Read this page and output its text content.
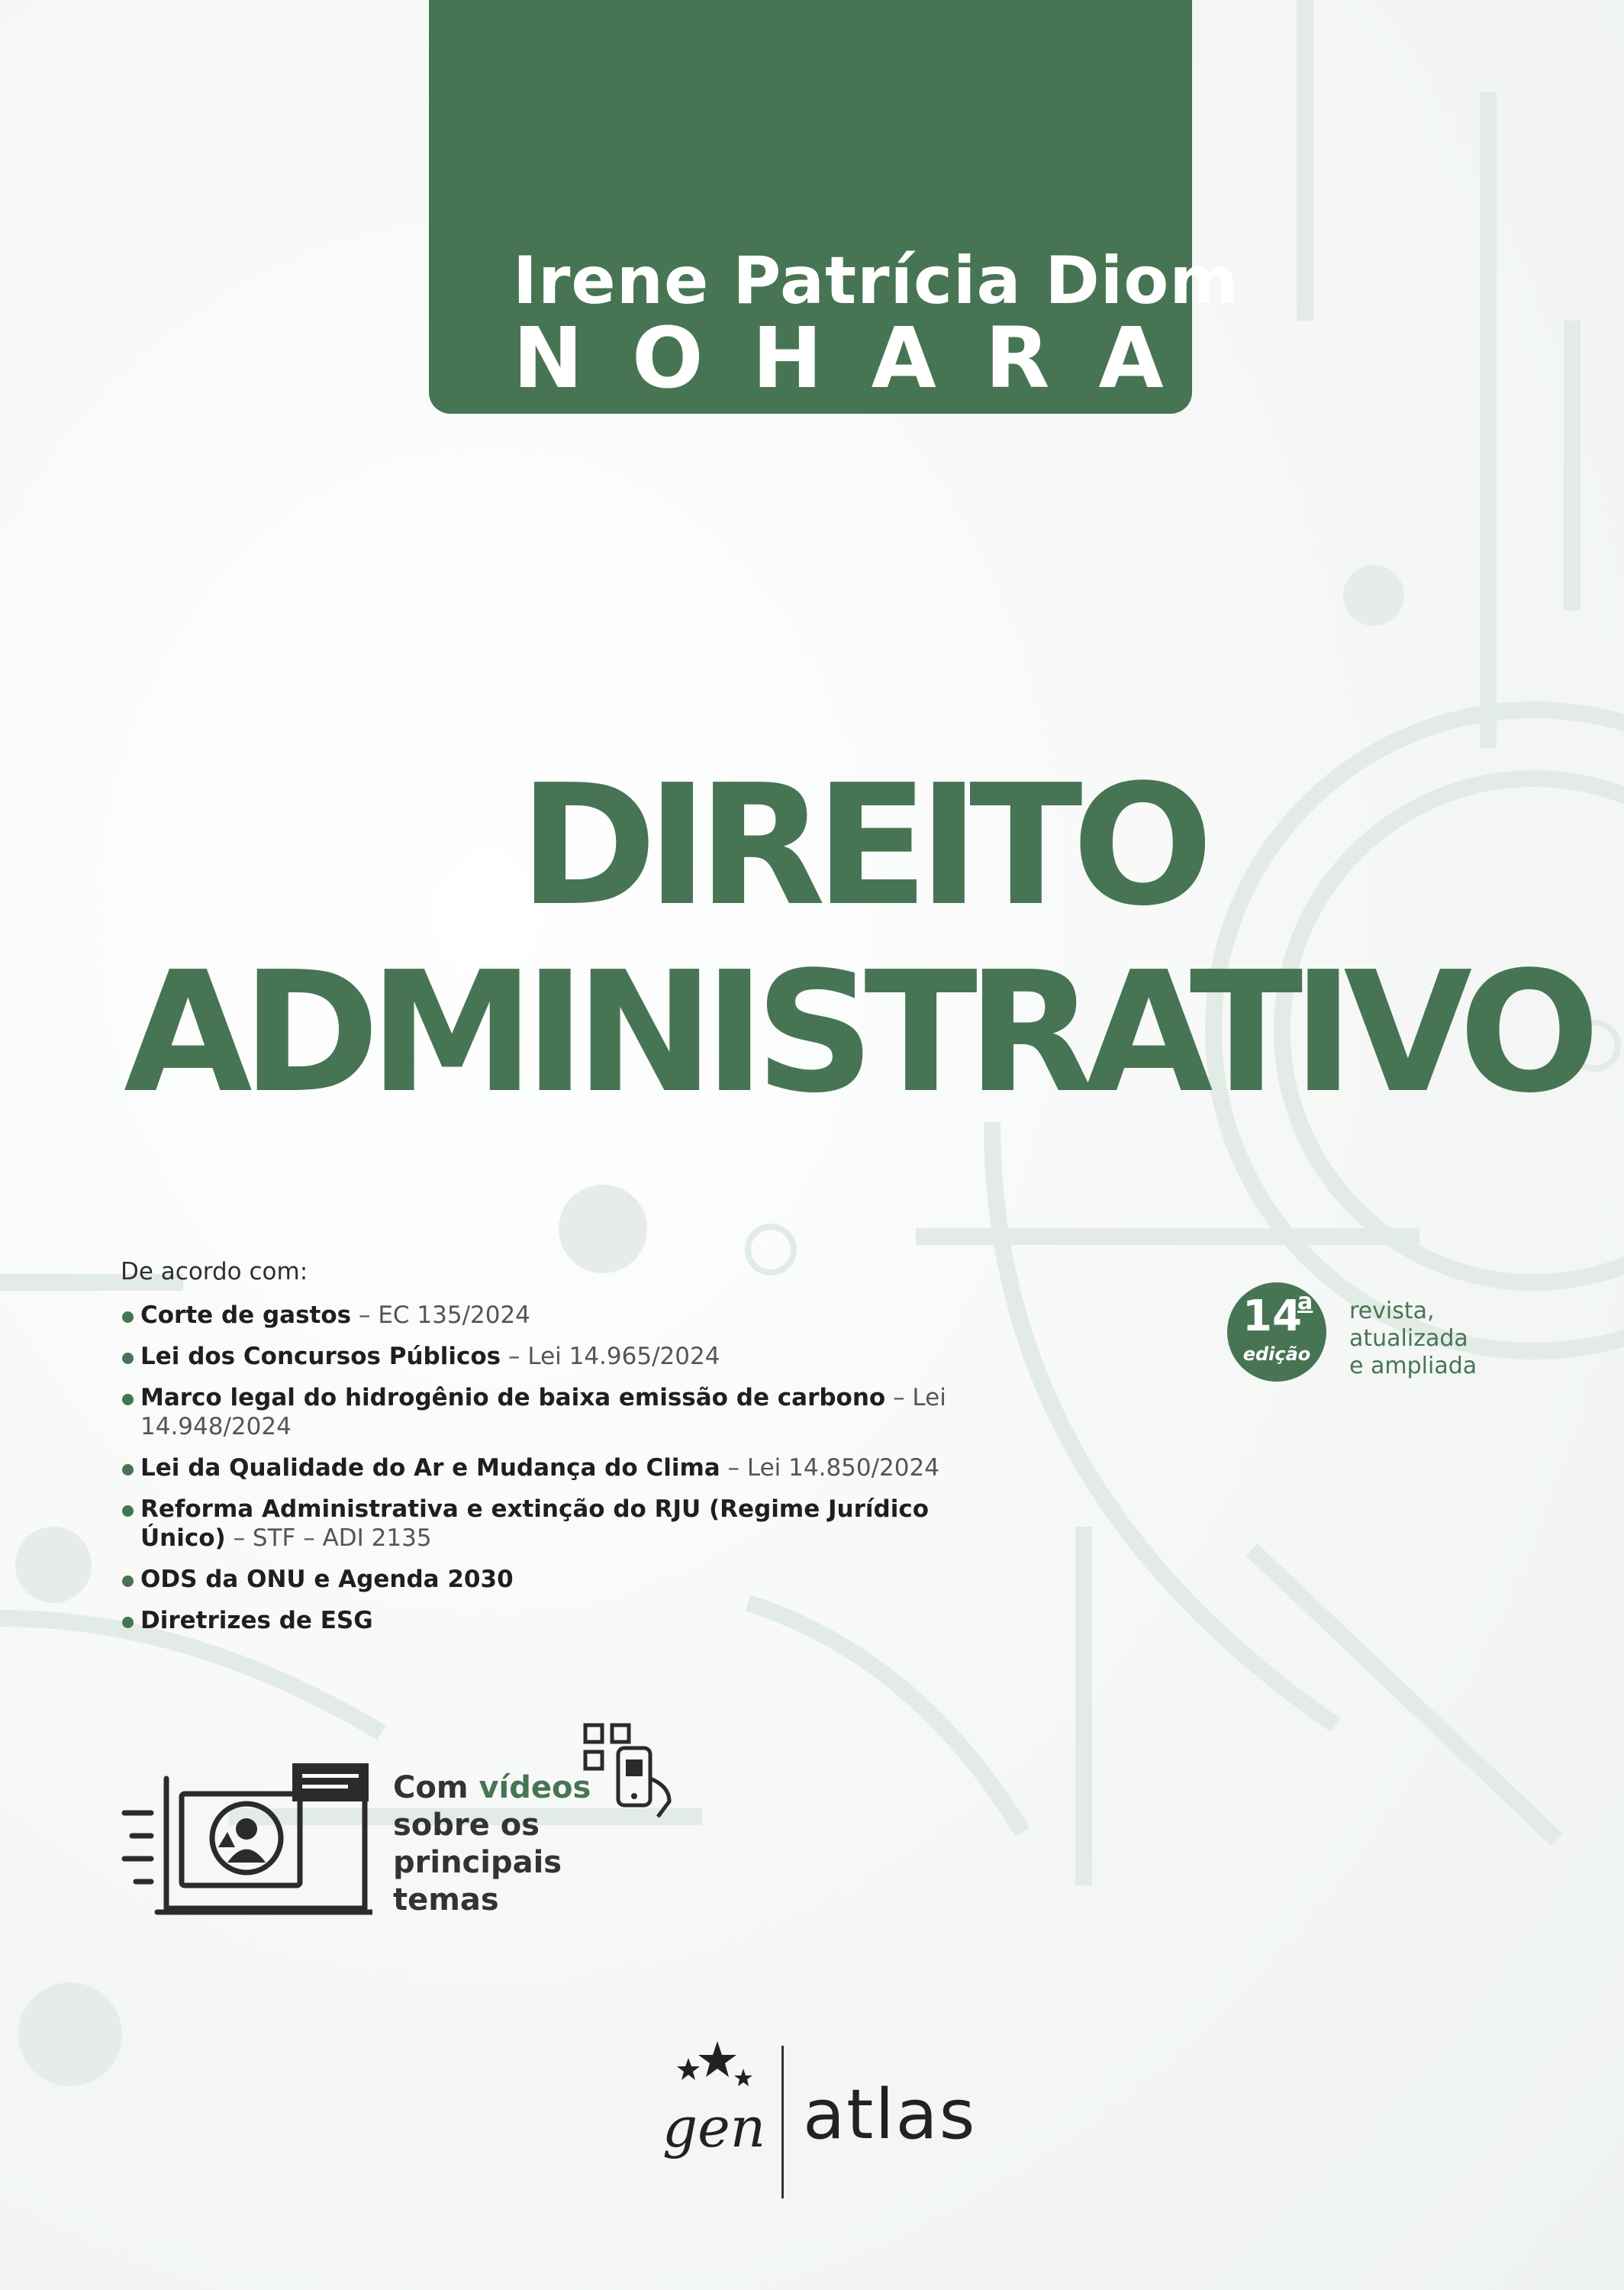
Irene Patrícia Diom
NOHARA
DIREITO
ADMINISTRATIVO
De acordo com:
Corte de gastos – EC 135/2024
Lei dos Concursos Públicos – Lei 14.965/2024
Marco legal do hidrogênio de baixa emissão de carbono – Lei 14.948/2024
Lei da Qualidade do Ar e Mudança do Clima – Lei 14.850/2024
Reforma Administrativa e extinção do RJU (Regime Jurídico Único) – STF – ADI 2135
ODS da ONU e Agenda 2030
Diretrizes de ESG
14
a
edição
revista,
atualizada
e ampliada
Com vídeos
sobre os
principais
temas
gen atlas
